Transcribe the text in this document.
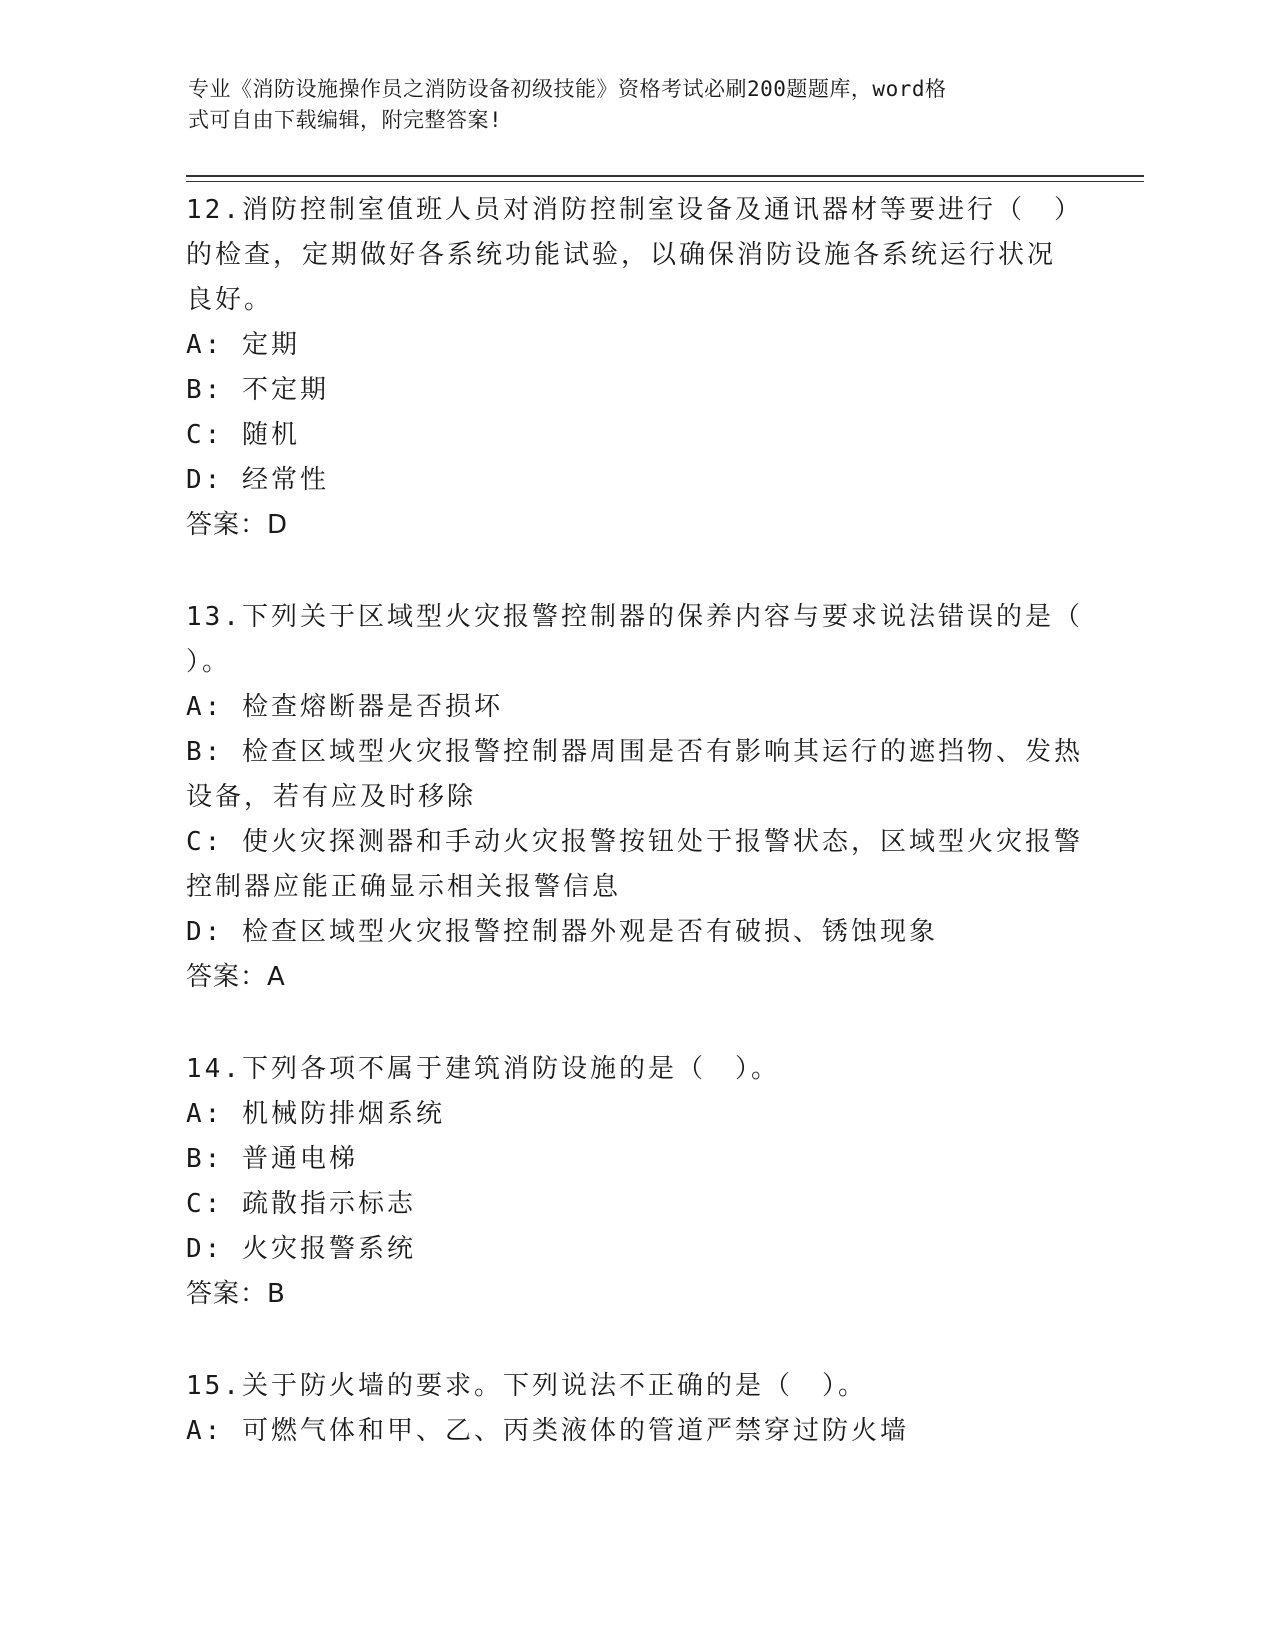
专业《消防设施操作员之消防设备初级技能》资格考试必刷200题题库，word格
式可自由下载编辑，附完整答案!

12.消防控制室值班人员对消防控制室设备及通讯器材等要进行（　）

的检查，定期做好各系统功能试验，以确保消防设施各系统运行状况

良好。

A: 定期

B: 不定期

C: 随机

D: 经常性

答案：D

13.下列关于区域型火灾报警控制器的保养内容与要求说法错误的是（

）。

A: 检查熔断器是否损坏

B: 检查区域型火灾报警控制器周围是否有影响其运行的遮挡物、发热

设备，若有应及时移除

C: 使火灾探测器和手动火灾报警按钮处于报警状态，区域型火灾报警

控制器应能正确显示相关报警信息

D: 检查区域型火灾报警控制器外观是否有破损、锈蚀现象

答案：A

14.下列各项不属于建筑消防设施的是（　）。

A: 机械防排烟系统

B: 普通电梯

C: 疏散指示标志

D: 火灾报警系统

答案：B

15.关于防火墙的要求。下列说法不正确的是（　）。

A: 可燃气体和甲、乙、丙类液体的管道严禁穿过防火墙
